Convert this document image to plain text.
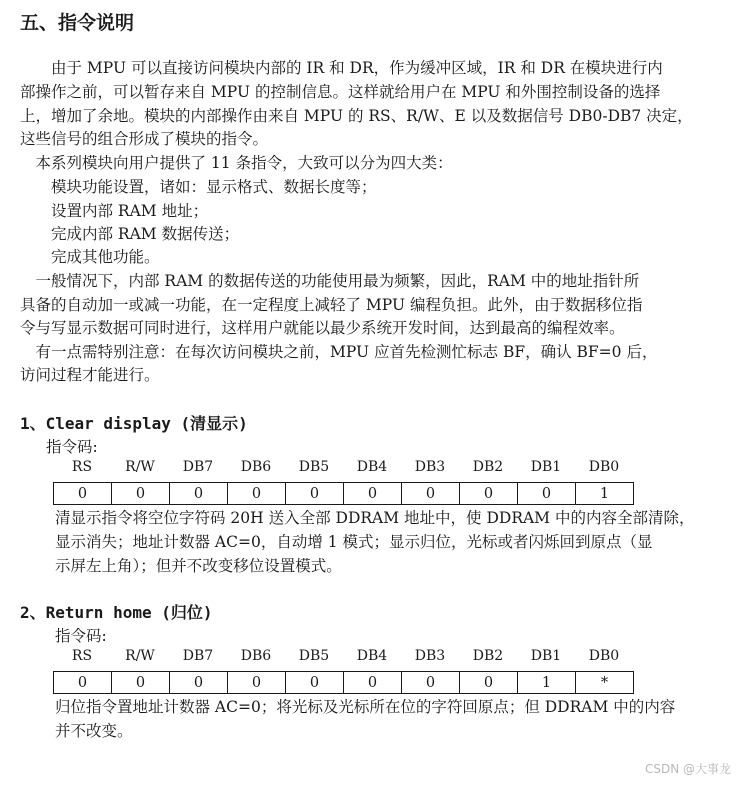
五、指令说明
　　由于 MPU 可以直接访问模块内部的 IR 和 DR，作为缓冲区域，IR 和 DR 在模块进行内
部操作之前，可以暂存来自 MPU 的控制信息。这样就给用户在 MPU 和外围控制设备的选择
上，增加了余地。模块的内部操作由来自 MPU 的 RS、R/W、E 以及数据信号 DB0-DB7 决定，
这些信号的组合形成了模块的指令。
　本系列模块向用户提供了 11 条指令，大致可以分为四大类：
　　模块功能设置，诸如：显示格式、数据长度等；
　　设置内部 RAM 地址；
　　完成内部 RAM 数据传送；
　　完成其他功能。
　一般情况下，内部 RAM 的数据传送的功能使用最为频繁，因此，RAM 中的地址指针所
具备的自动加一或减一功能，在一定程度上减轻了 MPU 编程负担。此外，由于数据移位指
令与写显示数据可同时进行，这样用户就能以最少系统开发时间，达到最高的编程效率。
　有一点需特别注意：在每次访问模块之前，MPU 应首先检测忙标志 BF，确认 BF=0 后，
访问过程才能进行。
1、Clear display (清显示)
指令码:
RS	R/W	DB7	DB6	DB5	DB4	DB3	DB2	DB1	DB0
0	0	0	0	0	0	0	0	0	1
清显示指令将空位字符码 20H 送入全部 DDRAM 地址中，使 DDRAM 中的内容全部清除，
显示消失；地址计数器 AC=0，自动增 1 模式；显示归位，光标或者闪烁回到原点（显
示屏左上角）；但并不改变移位设置模式。
2、Return home (归位)
指令码:
RS	R/W	DB7	DB6	DB5	DB4	DB3	DB2	DB1	DB0
0	0	0	0	0	0	0	0	1	*
归位指令置地址计数器 AC=0；将光标及光标所在位的字符回原点；但 DDRAM 中的内容
并不改变。
CSDN @大事龙
